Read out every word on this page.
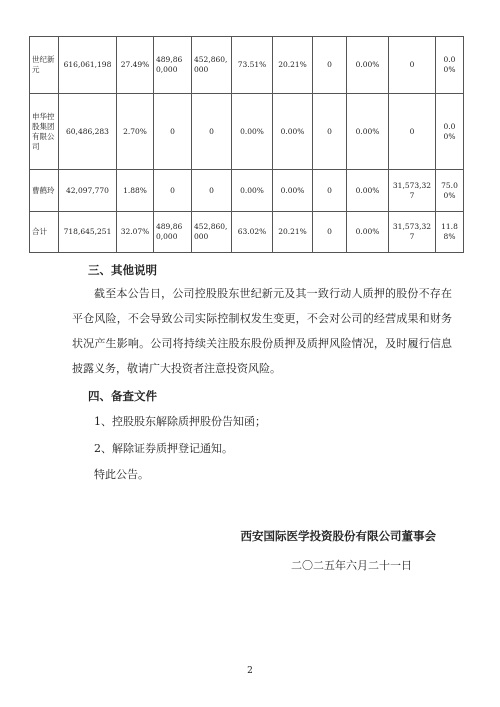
世纪新元	616,061,198	27.49%	489,860,000	452,860,000	73.51%	20.21%	0	0.00%	0	0.00%
申华控股集团有限公司	60,486,283	2.70%	0	0	0.00%	0.00%	0	0.00%	0	0.00%
曹鹤玲	42,097,770	1.88%	0	0	0.00%	0.00%	0	0.00%	31,573,327	75.00%
合计	718,645,251	32.07%	489,860,000	452,860,000	63.02%	20.21%	0	0.00%	31,573,327	11.88%

三、其他说明

截至本公告日，公司控股股东世纪新元及其一致行动人质押的股份不存在平仓风险，不会导致公司实际控制权发生变更，不会对公司的经营成果和财务状况产生影响。公司将持续关注股东股份质押及质押风险情况，及时履行信息披露义务，敬请广大投资者注意投资风险。

四、备查文件

1、控股股东解除质押股份告知函；

2、解除证券质押登记通知。

特此公告。

西安国际医学投资股份有限公司董事会

二〇二五年六月二十一日

2
